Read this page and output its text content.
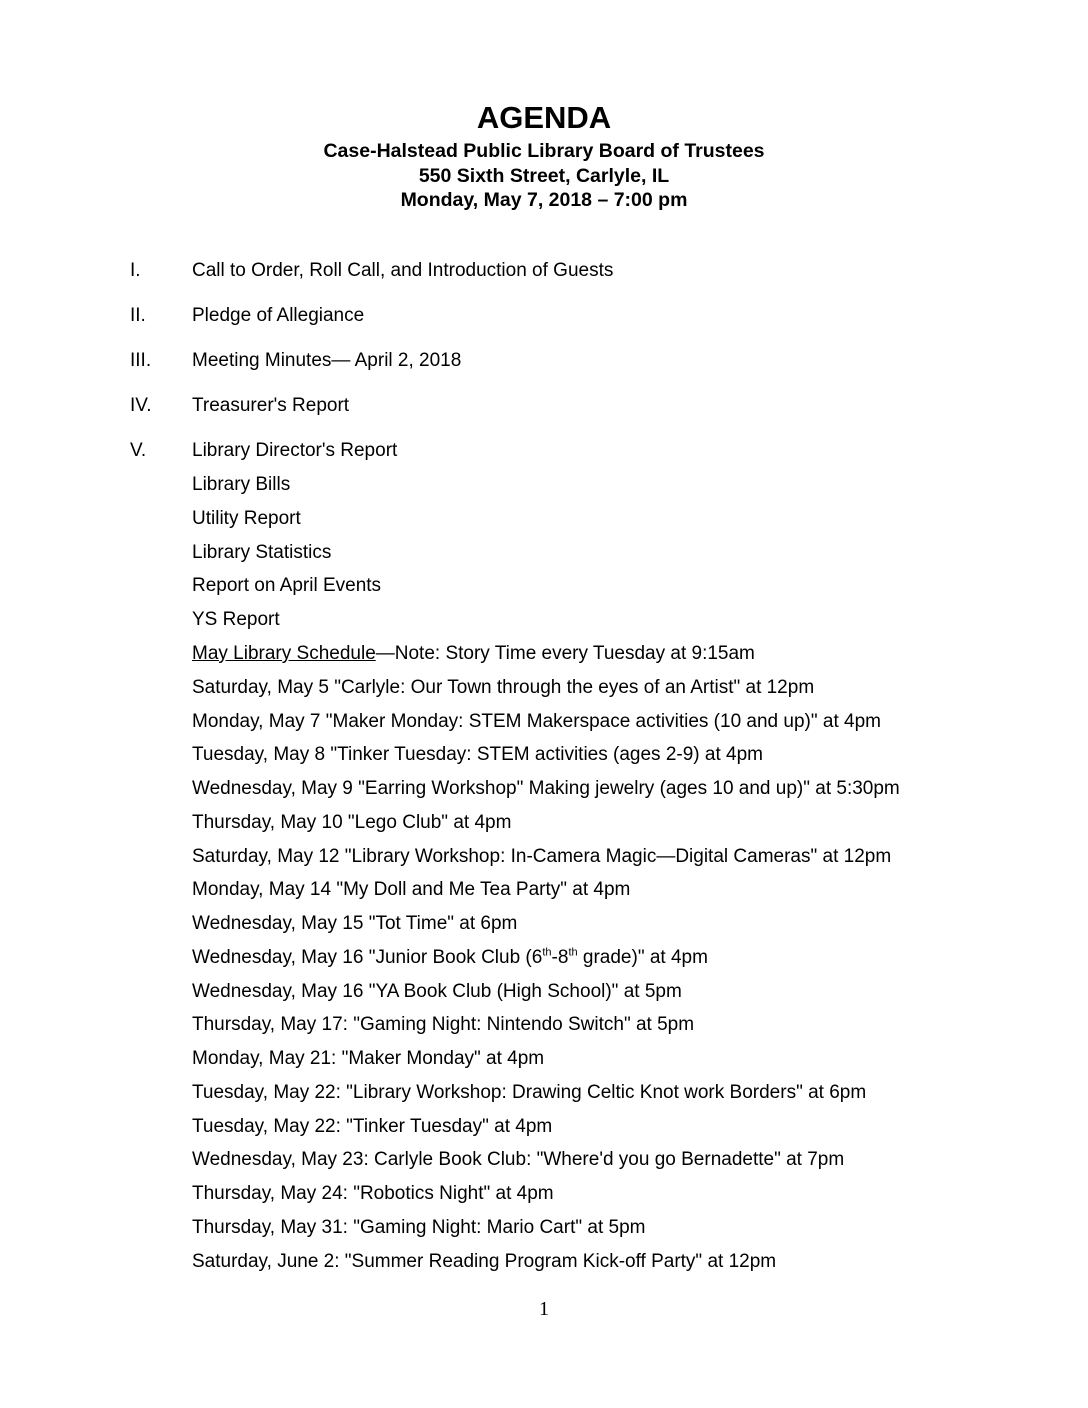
AGENDA
Case-Halstead Public Library Board of Trustees
550 Sixth Street, Carlyle, IL
Monday, May 7, 2018 – 7:00 pm
I.	Call to Order, Roll Call, and Introduction of Guests
II. Pledge of Allegiance
III. Meeting Minutes— April 2, 2018
IV. Treasurer's Report
V. Library Director's Report
Library Bills
Utility Report
Library Statistics
Report on April Events
YS Report
May Library Schedule—Note: Story Time every Tuesday at 9:15am
Saturday, May 5 "Carlyle: Our Town through the eyes of an Artist" at 12pm
Monday, May 7 "Maker Monday: STEM Makerspace activities (10 and up)" at 4pm
Tuesday, May 8 "Tinker Tuesday: STEM activities (ages 2-9) at 4pm
Wednesday, May 9 "Earring Workshop" Making jewelry (ages 10 and up)" at 5:30pm
Thursday, May 10 "Lego Club" at 4pm
Saturday, May 12 "Library Workshop: In-Camera Magic—Digital Cameras" at 12pm
Monday, May 14 "My Doll and Me Tea Party" at 4pm
Wednesday, May 15 "Tot Time" at 6pm
Wednesday, May 16 "Junior Book Club (6th-8th grade)" at 4pm
Wednesday, May 16 "YA Book Club (High School)" at 5pm
Thursday, May 17: "Gaming Night: Nintendo Switch" at 5pm
Monday, May 21: "Maker Monday" at 4pm
Tuesday, May 22: "Library Workshop: Drawing Celtic Knot work Borders" at 6pm
Tuesday, May 22: "Tinker Tuesday" at 4pm
Wednesday, May 23: Carlyle Book Club: "Where'd you go Bernadette" at 7pm
Thursday, May 24: "Robotics Night" at 4pm
Thursday, May 31: "Gaming Night: Mario Cart" at 5pm
Saturday, June 2: "Summer Reading Program Kick-off Party" at 12pm
1
